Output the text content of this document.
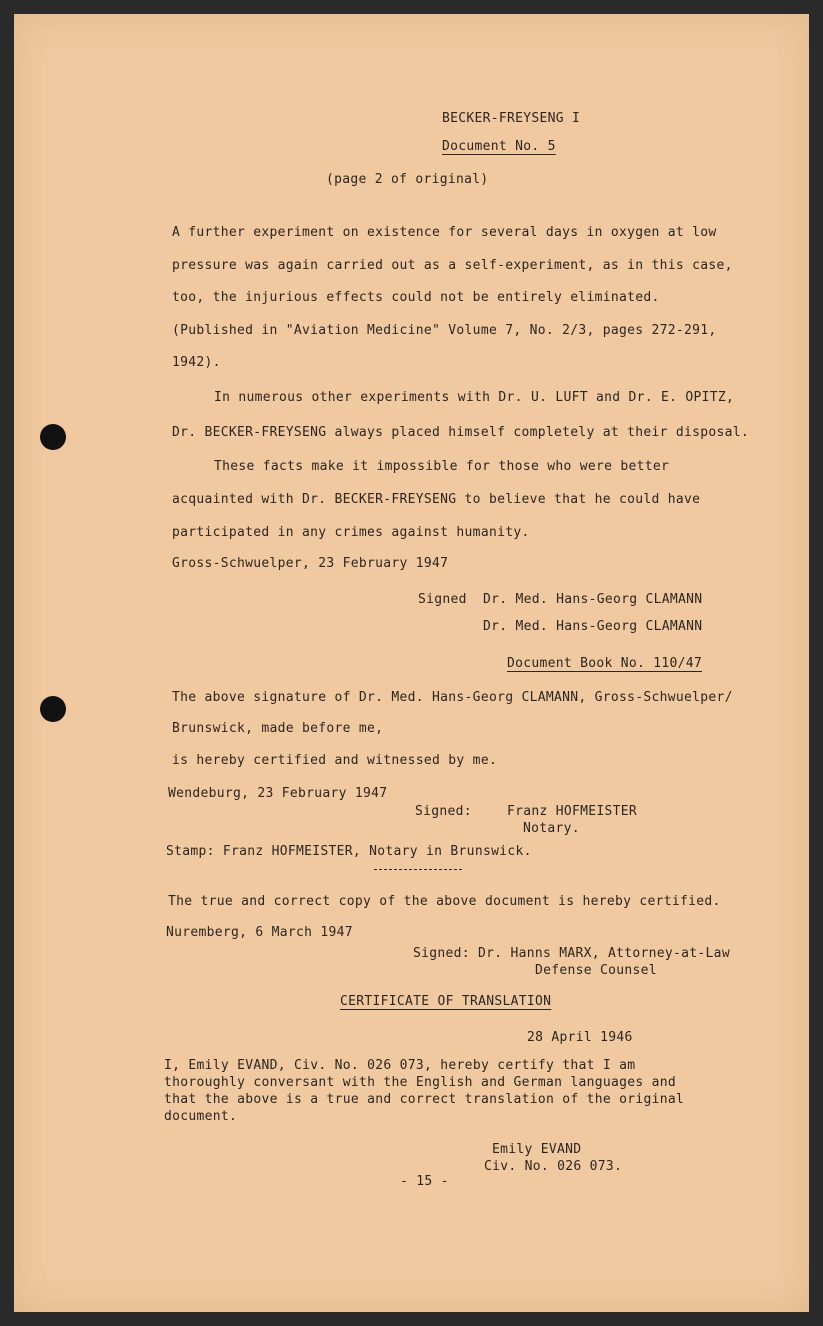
BECKER-FREYSENG I
Document No. 5
(page 2 of original)
A further experiment on existence for several days in oxygen at low
pressure was again carried out as a self-experiment, as in this case,
too, the injurious effects could not be entirely eliminated.
(Published in "Aviation Medicine" Volume 7, No. 2/3, pages 272-291,
1942).
In numerous other experiments with Dr. U. LUFT and Dr. E. OPITZ,
Dr. BECKER-FREYSENG always placed himself completely at their disposal.
These facts make it impossible for those who were better
acquainted with Dr. BECKER-FREYSENG to believe that he could have
participated in any crimes against humanity.
Gross-Schwuelper, 23 February 1947
Signed Dr. Med. Hans-Georg CLAMANN
Dr. Med. Hans-Georg CLAMANN
Document Book No. 110/47
The above signature of Dr. Med. Hans-Georg CLAMANN, Gross-Schwuelper/
Brunswick, made before me,
is hereby certified and witnessed by me.
Wendeburg, 23 February 1947
Signed:	Franz HOFMEISTER
Notary.
Stamp: Franz HOFMEISTER, Notary in Brunswick.
The true and correct copy of the above document is hereby certified.
Nuremberg, 6 March 1947
Signed: Dr. Hanns MARX, Attorney-at-Law
Defense Counsel
CERTIFICATE OF TRANSLATION
28 April 1946
I, Emily EVAND, Civ. No. 026 073, hereby certify that I am
thoroughly conversant with the English and German languages and
that the above is a true and correct translation of the original
document.
Emily EVAND
Civ. No. 026 073.
- 15 -
